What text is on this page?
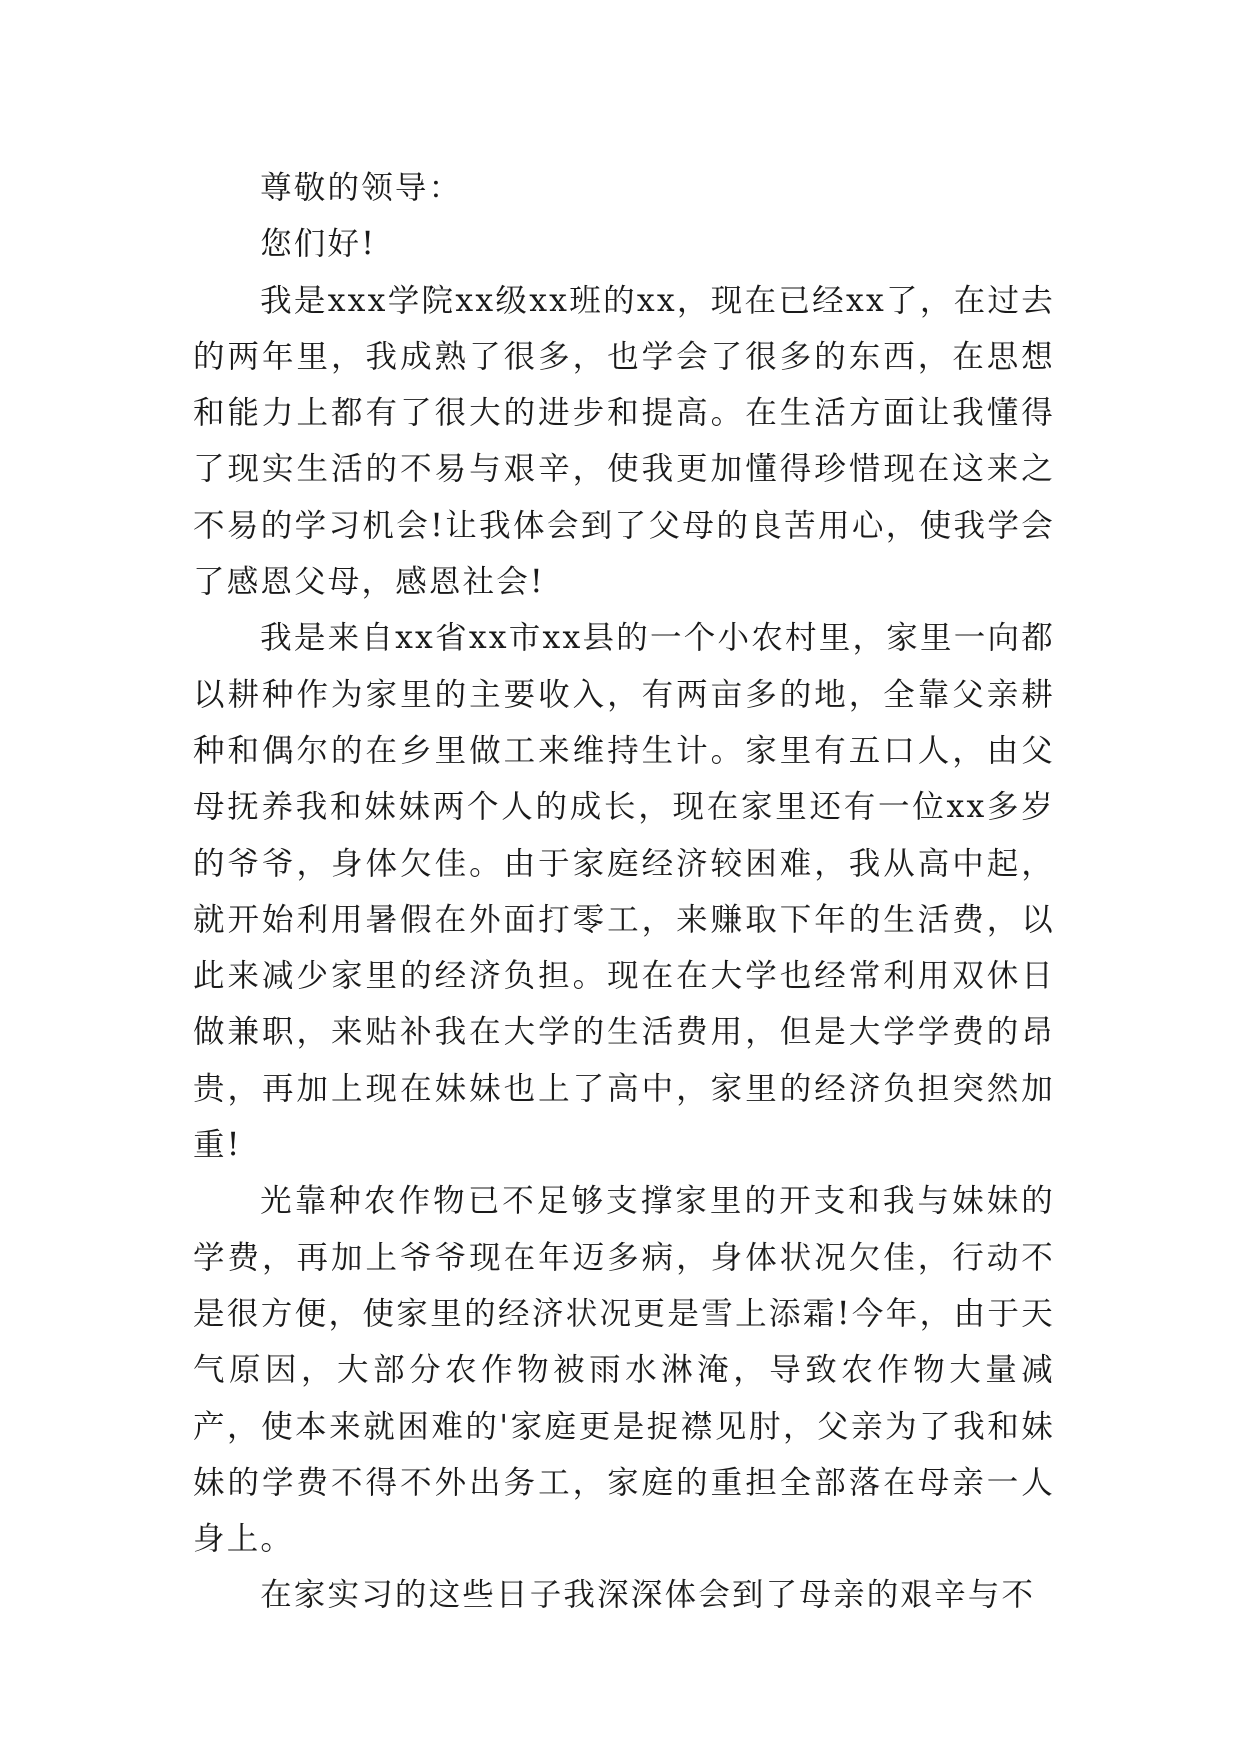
尊敬的领导：

您们好!

我是xxx学院xx级xx班的xx，现在已经xx了，在过去的两年里，我成熟了很多，也学会了很多的东西，在思想和能力上都有了很大的进步和提高。在生活方面让我懂得了现实生活的不易与艰辛，使我更加懂得珍惜现在这来之不易的学习机会!让我体会到了父母的良苦用心，使我学会了感恩父母，感恩社会!

我是来自xx省xx市xx县的一个小农村里，家里一向都以耕种作为家里的主要收入，有两亩多的地，全靠父亲耕种和偶尔的在乡里做工来维持生计。家里有五口人，由父母抚养我和妹妹两个人的成长，现在家里还有一位xx多岁的爷爷，身体欠佳。由于家庭经济较困难，我从高中起，就开始利用暑假在外面打零工，来赚取下年的生活费，以此来减少家里的经济负担。现在在大学也经常利用双休日做兼职，来贴补我在大学的生活费用，但是大学学费的昂贵，再加上现在妹妹也上了高中，家里的经济负担突然加重!

光靠种农作物已不足够支撑家里的开支和我与妹妹的学费，再加上爷爷现在年迈多病，身体状况欠佳，行动不是很方便，使家里的经济状况更是雪上添霜!今年，由于天气原因，大部分农作物被雨水淋淹，导致农作物大量减产，使本来就困难的'家庭更是捉襟见肘，父亲为了我和妹妹的学费不得不外出务工，家庭的重担全部落在母亲一人身上。

在家实习的这些日子我深深体会到了母亲的艰辛与不
